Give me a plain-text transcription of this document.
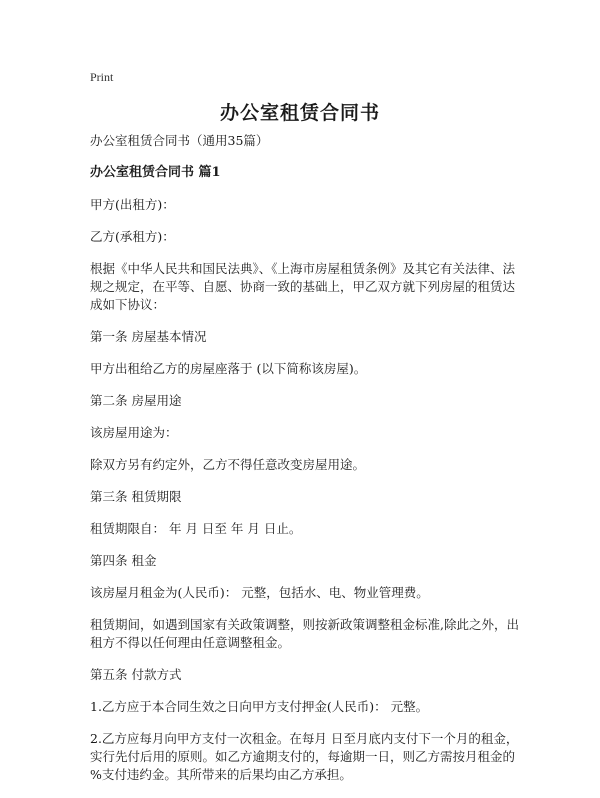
Print
办公室租赁合同书

办公室租赁合同书（通用35篇）

办公室租赁合同书 篇1

甲方(出租方)：

乙方(承租方)：

根据《中华人民共和国民法典》、《上海市房屋租赁条例》及其它有关法律、法规之规定，在平等、自愿、协商一致的基础上，甲乙双方就下列房屋的租赁达成如下协议：

第一条 房屋基本情况

甲方出租给乙方的房屋座落于 (以下简称该房屋)。

第二条 房屋用途

该房屋用途为：

除双方另有约定外，乙方不得任意改变房屋用途。

第三条 租赁期限

租赁期限自： 年 月 日至 年 月 日止。

第四条 租金

该房屋月租金为(人民币)： 元整，包括水、电、物业管理费。

租赁期间，如遇到国家有关政策调整，则按新政策调整租金标准,除此之外，出租方不得以任何理由任意调整租金。

第五条 付款方式

1.乙方应于本合同生效之日向甲方支付押金(人民币)： 元整。

2.乙方应每月向甲方支付一次租金。在每月 日至月底内支付下一个月的租金，实行先付后用的原则。如乙方逾期支付的，每逾期一日，则乙方需按月租金的 %支付违约金。其所带来的后果均由乙方承担。
